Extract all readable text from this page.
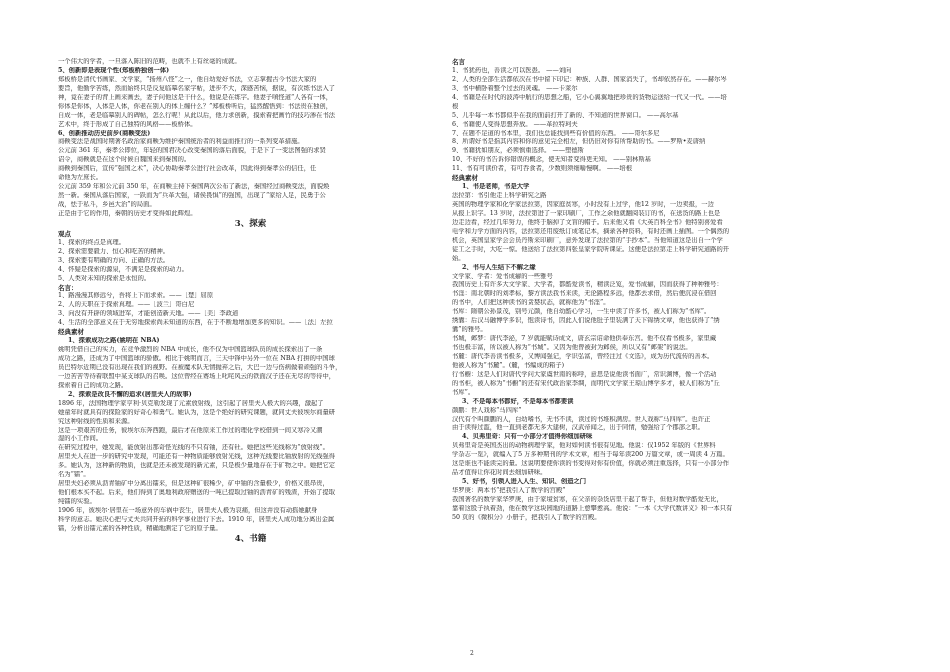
一个伟大的学者，一旦落入陈旧的范畴，也就不上有丝毫的成就。
5、创新即是表现个性(郑板桥独创一体)
郑板桥是清代书画家、文学家，“扬州八怪”之一，他自幼爱好书法，立志掌握古今书法大家的
要旨，他勤学苦练，然而始终只是反复临摹名家字帖，进步不大，深感苦恼，据说，有次练书法入了
神，竟在妻子的背上画来画去，妻子问他这是干什么，他说是在练字。他妻子嗔怪道“人各有一体，
你体是你体，人体是人体，你老在别人的体上缠什么？”郑板桥听后，猛然醒悟到：书法贵在独创，
自成一体，老是临摹别人的碑帖，怎么行呢！从此以后，他力求创新，摸索着把画竹的技巧渗在书法
艺术中，终于形成了自己独特的风格——板桥体。
6、创新推动历史前步(商鞅变法)
商鞅变法是战国时期著名政治家商鞅为维护秦国统治者的利益而推行的一系列变革措施。
公元前 361 年，秦孝公即位，年轻的国君决心改变秦国的落后面貌，于是下了一变法图强的求贤
诏令，商鞅就是在这个时候自魏国来到秦国的。
商鞅到秦国后，宣传“强国之术”，决心协助秦孝公进行社会改革，因此得到秦孝公的信任，任
命他为左庶长。
公元前 359 年和公元前 350 年，在商鞅主持下秦国两次公布了新法，秦国经过商鞅变法，面貌焕
然一新。秦国从落后国家，一跃而为“兵革大强，诸侯畏惧”的强国，出现了“家给人足，民勇于公
战，怯于私斗，乡邑大治”的局面。
正是由于它的作用，秦朝的历史才变得如此辉煌。
3、探索
观点
1、探索的终点是真理。
2、探索需要毅力、恒心和吃苦的精神。
3、探索要有明确的方向、正确的方法。
4、怀疑是探索的源泉，不满足是探索的动力。
5、人类对未知的探索是永恒的。
名言：
1、路漫漫其修远兮，吾将上下而求索。——［楚］屈原
2、人的天职在于探索真理。——［波兰］哥白尼
3、向没有开辟的领域进军，才能创造新天地。——［美］李政道
4、生活的全部意义在于无穷地探索尚未知道的东西，在于不断地增加更多的知识。——［法］左拉
经典素材
1、探索成功之路(姚明在 NBA)
姚明凭借自己的实力，在竞争激烈的 NBA 中成长，他不仅为中国篮球队员的成长探索出了一条
成功之路，还成为了中国篮球的骄傲。相比于姚明而言，三天中锋中另外一位在 NBA 打拼的中国球
员巴特尔近期已没有出现在我们的视野。在被魔术队无情抛弃之后，大巴一边与伤病做着顽强的斗争，
一边苦苦等待着联盟中某支球队的召唤。这位曾经在赛场上叱咤风云的铁面汉子还在无尽的等待中，
探索着自己的成功之路。
2、探索是改良不懈的追求(居里夫人的故事)
1896 年，法国物理学家亨利·贝克勒发现了元素放射线，这引起了居里夫人极大的兴趣，激起了
她童年时就具有的探险家的好奇心和勇气。她认为，这是个绝好的研究课题，就同丈夫彼埃尔商量研
究这种射线的性质和来源。
这是一项艰苦的任务，彼埃尔东奔西跑，最后才在他原来工作过的理化学校借到一间又寒冷又潮
湿的小工作间。
在研究过程中，她发现，能放射出那奇怪光线的不只有铀，还有钍。她把这些光线称为“放射线”。
居里夫人在进一步的研究中发现，可能还有一种物质能够放射光线，这种光线要比铀放射的光线强得
多。她认为，这种新的物质，也就是还未被发现的新元素，只是极少量地存在于矿物之中。她把它定
名为“镭”。
居里夫妇必须从沥青铀矿中分离出镭来，但是这种矿很稀少，矿中铀的含量极少，价格又很昂贵，
他们根本买不起。后来，他们得到了奥地利政府赠送的一吨已提取过铀的沥青矿的残渣，开始了提取
纯镭的实验。
1906 年，彼埃尔·居里在一场意外的车祸中丧生，居里夫人极为哀痛，但这并没有动摇她献身
科学的意志。她决心把与丈夫共同开拓的科学事业进行下去。1910 年，居里夫人成功地分离出金属
镭，分析出镭元素的各种性质，精确地测定了它的原子量。
4、书籍
名言
1、书犹药也，善读之可以医愚。 ——刘向
2、人类的全部生活都依次在书中留下印记：种族、人群、国家消失了，书却依然存在。——赫尔岑
3、书中横卧着整个过去的灵魂。 ——卡莱尔
4、书籍是在时代的波涛中航行的思想之船，它小心翼翼地把珍贵的货物运送给一代又一代。——培
根
5、儿乎每一本书都似乎在我的面前打开了新的、不知道的世界窗口。 ——高尔基
6、书籍使人变得思想奔放。 ——革拉特珂夫
7、在题不足道的书本里，我们也总能找到些有价值的东西。 ——哥尔多尼
8、所谓好书是指其内容和你的意见完全相左，但仍旧对你有所帮助的书。——罗斯•麦唐纳
9、书籍犹如朋友，必须慎重选择。 ——塑德斯
10、不好的书告诉你错误的概念，使无知者变得更无知。 ——别林斯基
11、书有可读价者，有可吞食者，少数则须细嚼慢啊。 ——培根
经典素材
1、书是老师，书是大学
法拉第：书引他走上科学研究之路
英国的物理学家和化学家法拉第，因家庭贫寒，小时没有上过学，他12 岁时，一边卖报，一边
从报上识字。13 岁时，法拉第进了一家印刷厂，工作之余他就翻阅装订的书，在送货的路上也是
边走边看，经过几年努力，他终于脑掉了文盲的帽子。后来他又看《大英百科全书》他特别喜爱看
电学和力学方面的内容，法拉第还用废纸订成笔记本，摘录各种资料，有时还画上插图。一个偶然的
机会，英国皇家学会会员丹斯来印刷厂，意外发现了法拉第的“手抄本”。当他知道这是出自一个学
徒工之手时，大吃一惊。他送给了法拉第四张皇家学院听课证。这便是法拉第走上科学研究道路的开
始。
2、书与人生结下不解之缘
文学家、学者：爱书成癖的一些雅号
我国历史上有许多大文学家、大学者，都酷爱读书，精读泛览，爱书成癖，因而获得了种种雅号：
书淫：南北朝时的刘孝标，黎方读法我书来读，无论路程多远，他都去求借，然后便沉浸在借回
的书中，人们把这种读书的贪婪状态，就称他为“书淫”。
书库：隋朝公孙景茂，别号元颜，他自幼酷心学习，一生中读了许多书，被人们称为“书库”。
绣囊：后汉马融博学多识，饱读诗书，因此人们说他肚子里装满了天下锦绣文章，他也获得了“绣
囊”的雅号。
书城，邺梦：唐代李泌，7 岁就能赋诗成文，唐玄宗诏命他供奉东宫。他不仅看书极多，家里藏
书也极丰富，所以被人称为“书城”。又因为他曾被封为邺侯，所以又有“邺架”的说法。
书麓：唐代李善读书极多，又博闻强记，学识弘富，曾经注过《文选》，成为历代流传的善本。
他被人称为“书麓”。(麓，书编成的箱子)
行书橱：这是人们对唐代学问大家虞世南的称呼，意思是说他读书面广，常识渊博，像一个活动
的书柜，被人称为“书橱”的还有宋代政治家李绸，而明代文学家王琼山博学多才，被人们称为“丘
书库”。
3、不是每本书都好，不是每本书都要读
颜鹏：世人戏称“马四库”
汉代有个叫颜鹏的人，白幼嗜书，无书不读，读过的书堆积满房。世人戏称“马四库”。也许正
由于读得过滥，他一直到老都无多大建树，汉武帝闻之，出于同情，勉强给了个郡部之职。
4、贝弗里奇：只有一小部分才值得你细加研味
贝弗里奇是英国杰出的动物病理学家，他对如何读书很有见地。他说：仅1952 年版的《世界科
学杂志一览》，就编入了5 万多种期刊的学术文章，相当于每年读200 万篇文章，或一周读 4 万篇。
这是谁也不能读完的量。这说明要使你读的书变得对你有价值，你就必须注重选择，只有一小部分作
品才值得让你花时间去细加研味。
5、好书，引领人进入人生、知识、创造之门
华罗庚：两本书“把我引入了数学的宫殿”
我国著名的数学家华罗庚，由于家境贫寒，在父亲的杂货店里干起了帮手，但他对数学酷爱无比，
靠着这股子执着劲，他在数学这块园地的道路上愈攀愈高。他说：“一本《大学代数讲义》和一本只有
50 页的《微积分》小册子，把我引入了数学的宫殿。
2
